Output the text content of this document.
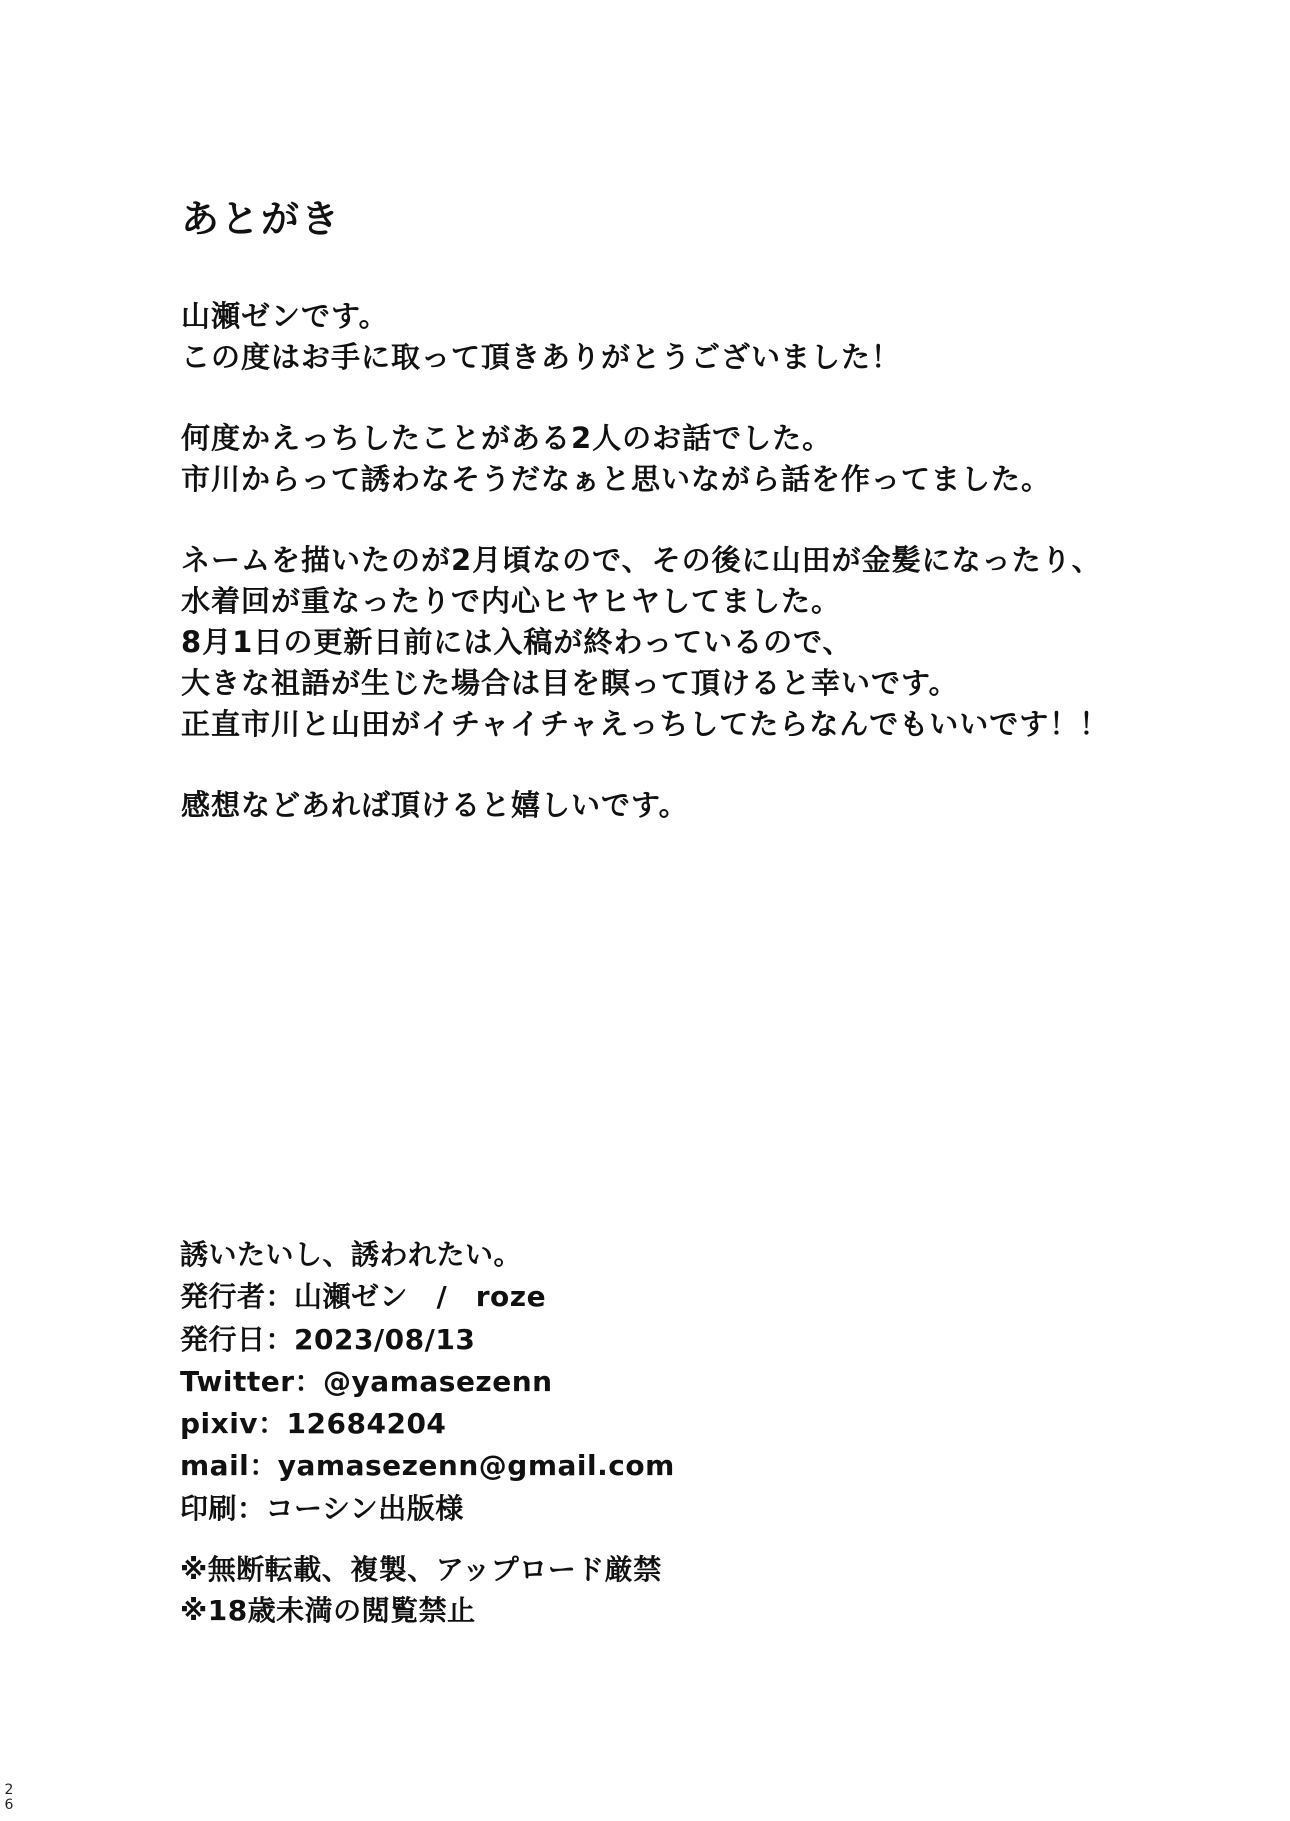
あとがき
山瀬ゼンです。
この度はお手に取って頂きありがとうございました！
何度かえっちしたことがある2人のお話でした。
市川からって誘わなそうだなぁと思いながら話を作ってました。
ネームを描いたのが2月頃なので、その後に山田が金髪になったり、
水着回が重なったりで内心ヒヤヒヤしてました。
8月1日の更新日前には入稿が終わっているので、
大きな祖語が生じた場合は目を瞑って頂けると幸いです。
正直市川と山田がイチャイチャえっちしてたらなんでもいいです！！
感想などあれば頂けると嬉しいです。
誘いたいし、誘われたい。
発行者：山瀬ゼン　/　roze
発行日：2023/08/13
Twitter：@yamasezenn
pixiv：12684204
mail：yamasezenn@gmail.com
印刷：コーシン出版様
※無断転載、複製、アップロード厳禁
※18歳未満の閲覧禁止
26
